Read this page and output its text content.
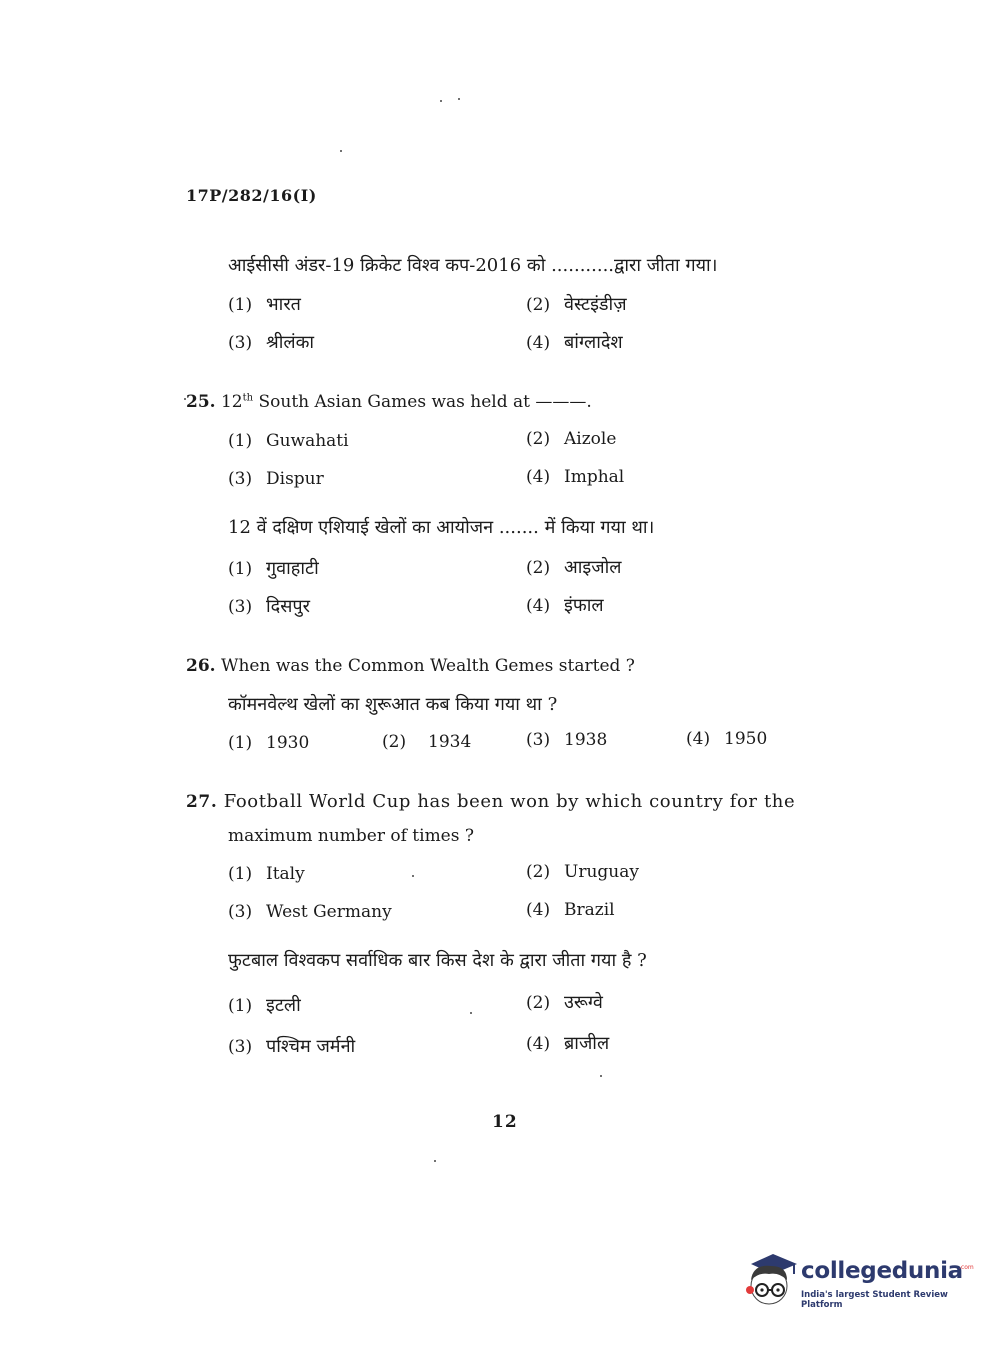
17P/282/16(I)
आईसीसी अंडर-19 क्रिकेट विश्व कप-2016 को ...........द्वारा जीता गया।
(1) भारत	(2) वेस्टइंडीज़
(3) श्रीलंका	(4) बांग्लादेश
25. 12th South Asian Games was held at ———.
(1) Guwahati	(2) Aizole
(3) Dispur	(4) Imphal
12 वें दक्षिण एशियाई खेलों का आयोजन ....... में किया गया था।
(1) गुवाहाटी	(2) आइजोल
(3) दिसपुर	(4) इंफाल
26. When was the Common Wealth Gemes started ?
कॉमनवेल्थ खेलों का शुरूआत कब किया गया था ?
(1) 1930	(2) 1934	(3) 1938	(4) 1950
27. Football World Cup has been won by which country for the
maximum number of times ?
(1) Italy	(2) Uruguay
(3) West Germany	(4) Brazil
फुटबाल विश्वकप सर्वाधिक बार किस देश के द्वारा जीता गया है ?
(1) इटली	(2) उरूग्वे
(3) पश्चिम जर्मनी	(4) ब्राजील
12
collegedunia
.com
India's largest Student Review Platform
